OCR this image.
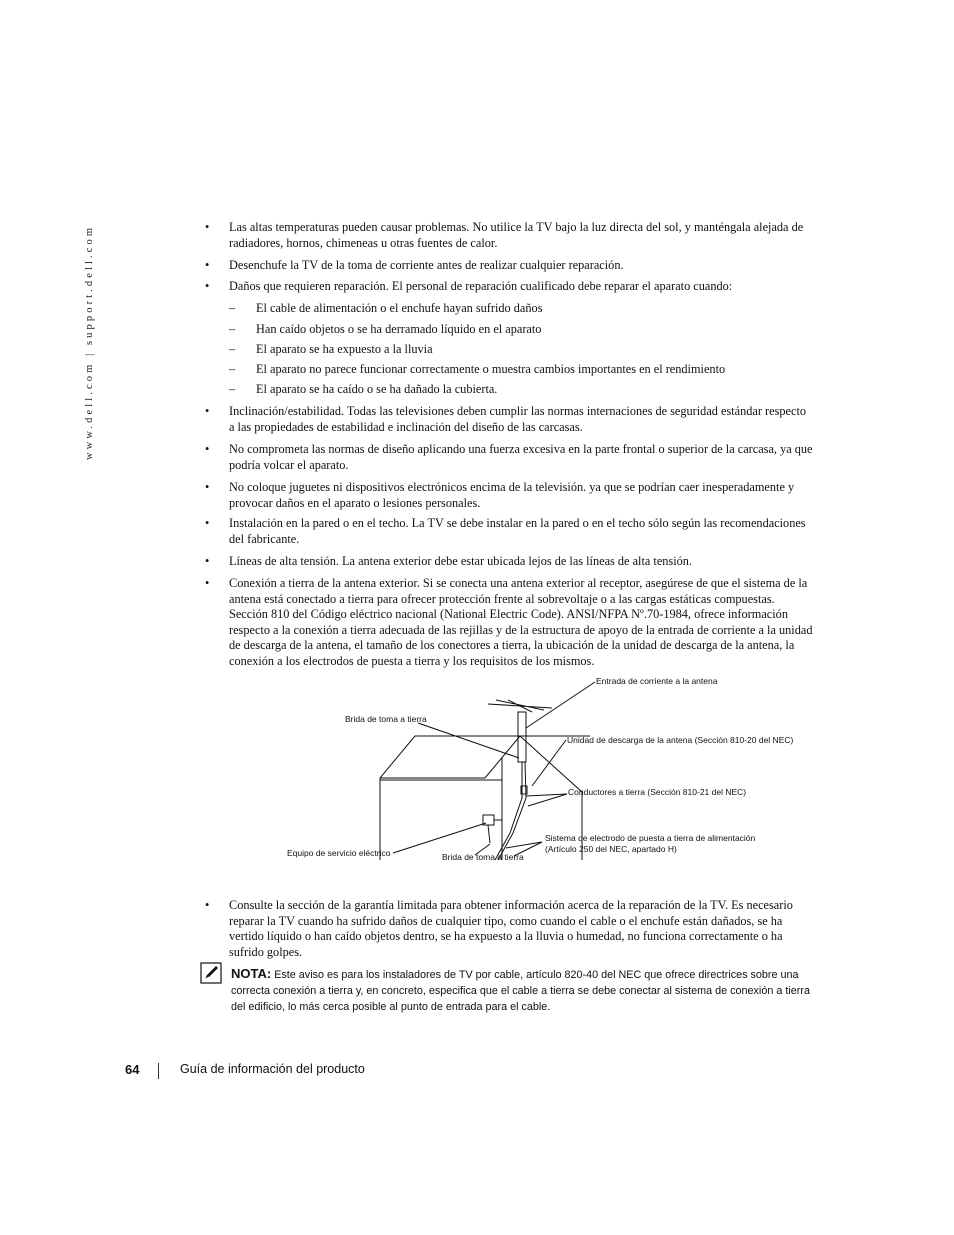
www.dell.com | support.dell.com	• Las altas temperaturas pueden causar problemas. No utilice la TV bajo la luz directa del sol, y manténgala alejada de radiadores, hornos, chimeneas u otras fuentes de calor.

• Desenchufe la TV de la toma de corriente antes de realizar cualquier reparación.

• Daños que requieren reparación. El personal de reparación cualificado debe reparar el aparato cuando:

– El cable de alimentación o el enchufe hayan sufrido daños
– Han caído objetos o se ha derramado líquido en el aparato
– El aparato se ha expuesto a la lluvia
– El aparato no parece funcionar correctamente o muestra cambios importantes en el rendimiento
– El aparato se ha caído o se ha dañado la cubierta.
• Inclinación/estabilidad. Todas las televisiones deben cumplir las normas internaciones de seguridad estándar respecto a las propiedades de estabilidad e inclinación del diseño de las carcasas.

• No comprometa las normas de diseño aplicando una fuerza excesiva en la parte frontal o superior de la carcasa, ya que podría volcar el aparato.

• No coloque juguetes ni dispositivos electrónicos encima de la televisión. ya que se podrían caer inesperadamente y provocar daños en el aparato o lesiones personales.

• Instalación en la pared o en el techo. La TV se debe instalar en la pared o en el techo sólo según las recomendaciones del fabricante.

• Líneas de alta tensión. La antena exterior debe estar ubicada lejos de las líneas de alta tensión.

• Conexión a tierra de la antena exterior. Si se conecta una antena exterior al receptor, asegúrese de que el sistema de la antena está conectado a tierra para ofrecer protección frente al sobrevoltaje o a las cargas estáticas compuestas. Sección 810 del Código eléctrico nacional (National Electric Code). ANSI/NFPA Nº.70-1984, ofrece información respecto a la conexión a tierra adecuada de las rejillas y de la estructura de apoyo de la entrada de corriente a la unidad de descarga de la antena, el tamaño de los conectores a tierra, la ubicación de la unidad de descarga de la antena, la conexión a los electrodos de puesta a tierra y los requisitos de los mismos.

Entrada de corriente a la antena
Brida de toma a tierra
Unidad de descarga de la antena (Sección 810-20 del NEC)
Conductores a tierra (Sección 810-21 del NEC)
Sistema de electrodo de puesta a tierra de alimentación
(Artículo 250 del NEC, apartado H)
Equipo de servicio eléctrico	Brida de toma a tierra
• Consulte la sección de la garantía limitada para obtener información acerca de la reparación de la TV. Es necesario reparar la TV cuando ha sufrido daños de cualquier tipo, como cuando el cable o el enchufe están dañados, se ha vertido líquido o han caído objetos dentro, se ha expuesto a la lluvia o humedad, no funciona correctamente o ha sufrido golpes.

NOTA: Este aviso es para los instaladores de TV por cable, artículo 820-40 del NEC que ofrece directrices sobre una correcta conexión a tierra y, en concreto, especifica que el cable a tierra se debe conectar al sistema de conexión a tierra del edificio, lo más cerca posible al punto de entrada para el cable.

64	Guía de información del producto
